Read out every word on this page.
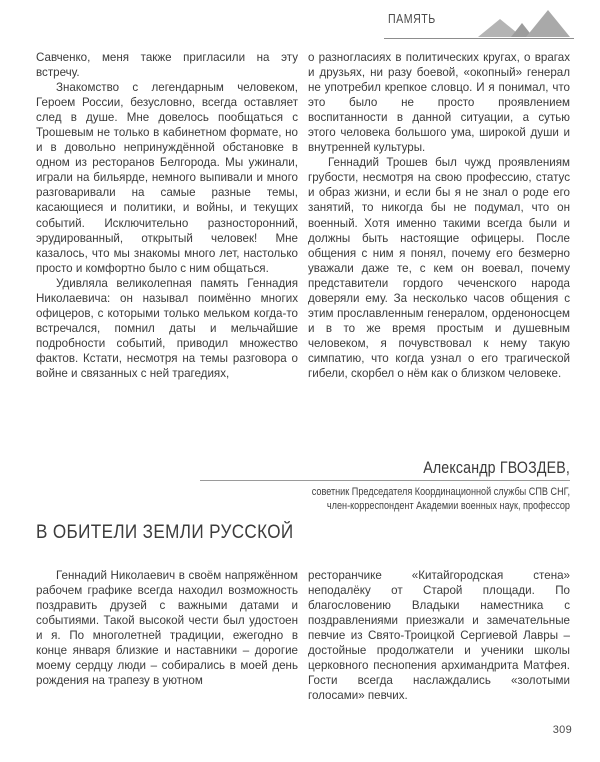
ПАМЯТЬ

Савченко, меня также пригласили на эту встречу.

Знакомство с легендарным человеком, Героем России, безусловно, всегда оставляет след в душе. Мне довелось пообщаться с Трошевым не только в кабинетном формате, но и в довольно непринуждённой обстановке в одном из ресторанов Белгорода. Мы ужинали, играли на бильярде, немного выпивали и много разговаривали на самые разные темы, касающиеся и политики, и войны, и текущих событий. Исключительно разносторонний, эрудированный, открытый человек! Мне казалось, что мы знакомы много лет, настолько просто и комфортно было с ним общаться.

Удивляла великолепная память Геннадия Николаевича: он называл поимённо многих офицеров, с которыми только мельком когда-то встречался, помнил даты и мельчайшие подробности событий, приводил множество фактов. Кстати, несмотря на темы разговора о войне и связанных с ней трагедиях,

о разногласиях в политических кругах, о врагах и друзьях, ни разу боевой, «окопный» генерал не употребил крепкое словцо. И я понимал, что это было не просто проявлением воспитанности в данной ситуации, а сутью этого человека большого ума, широкой души и внутренней культуры.

Геннадий Трошев был чужд проявлениям грубости, несмотря на свою профессию, статус и образ жизни, и если бы я не знал о роде его занятий, то никогда бы не подумал, что он военный. Хотя именно такими всегда были и должны быть настоящие офицеры. После общения с ним я понял, почему его безмерно уважали даже те, с кем он воевал, почему представители гордого чеченского народа доверяли ему. За несколько часов общения с этим прославленным генералом, орденоносцем и в то же время простым и душевным человеком, я почувствовал к нему такую симпатию, что когда узнал о его трагической гибели, скорбел о нём как о близком человеке.

Александр ГВОЗДЕВ,
советник Председателя Координационной службы СПВ СНГ,
член-корреспондент Академии военных наук, профессор
В ОБИТЕЛИ ЗЕМЛИ РУССКОЙ

Геннадий Николаевич в своём напряжённом рабочем графике всегда находил возможность поздравить друзей с важными датами и событиями. Такой высокой чести был удостоен и я. По многолетней традиции, ежегодно в конце января близкие и наставники – дорогие моему сердцу люди – собирались в моей день рождения на трапезу в уютном

ресторанчике «Китайгородская стена» неподалёку от Старой площади. По благословению Владыки наместника с поздравлениями приезжали и замечательные певчие из Свято-Троицкой Сергиевой Лавры – достойные продолжатели и ученики школы церковного песнопения архимандрита Матфея. Гости всегда наслаждались «золотыми голосами» певчих.

309
